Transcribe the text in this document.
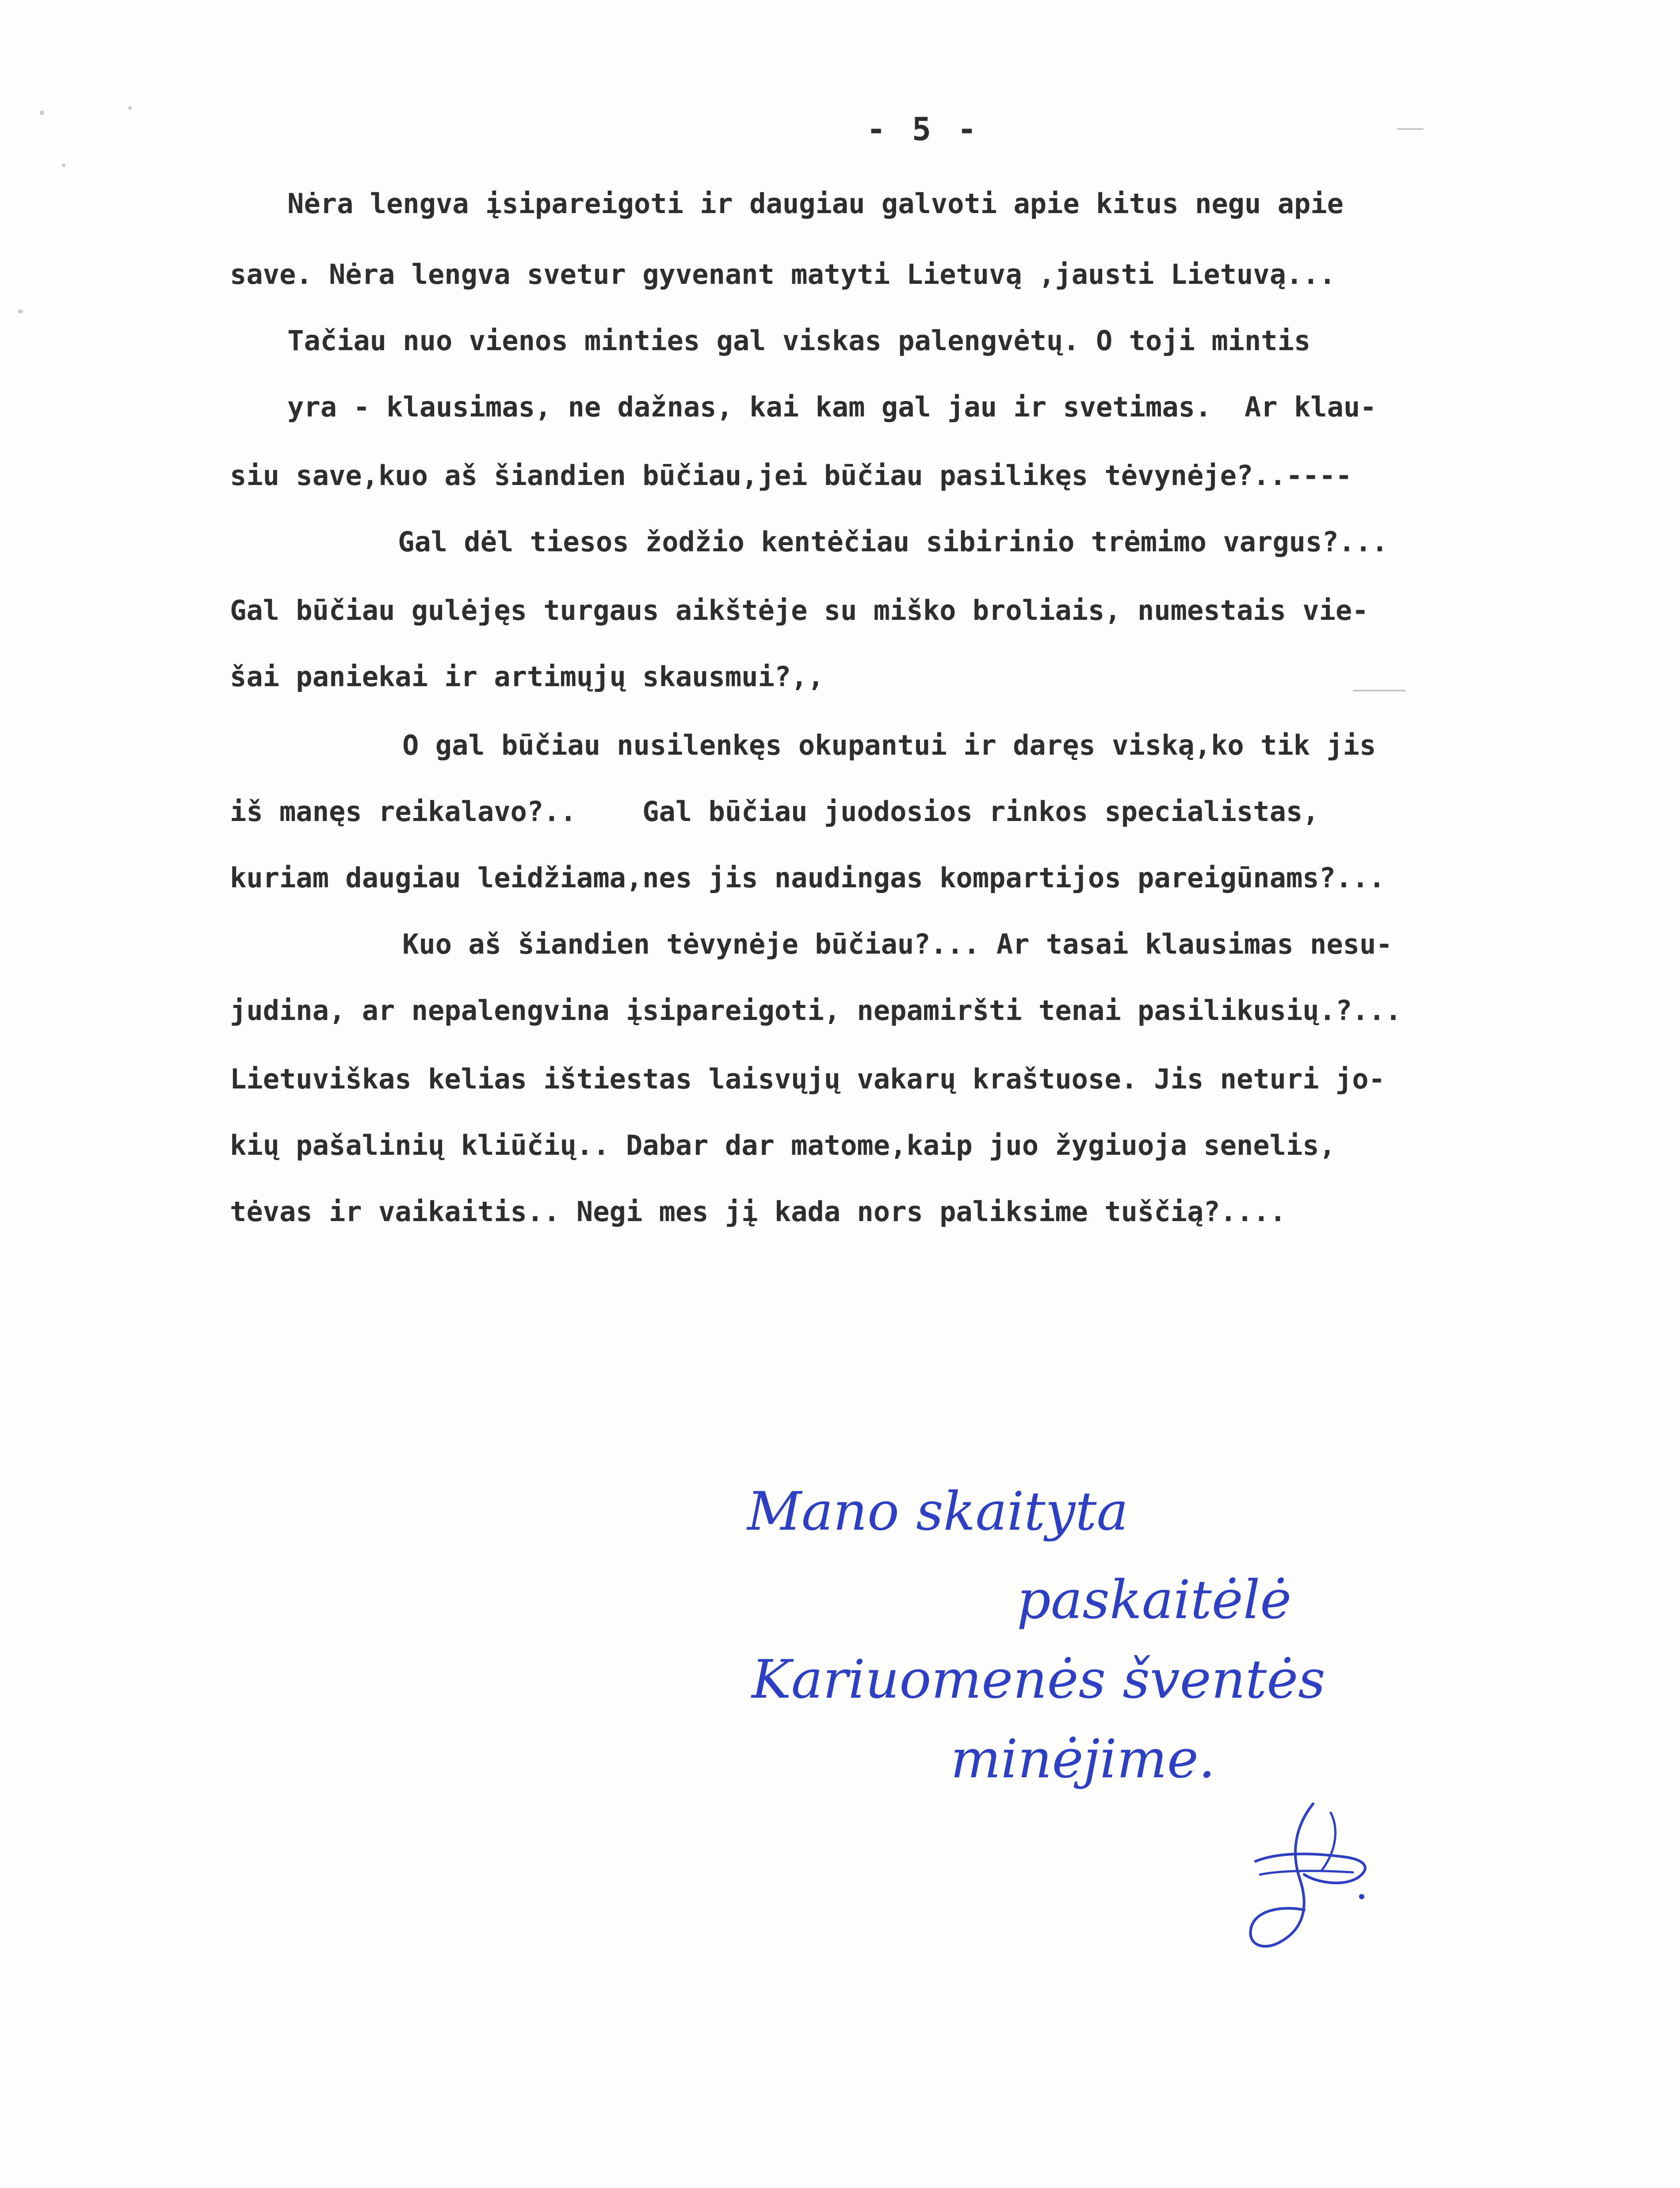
- 5 -
Nėra lengva įsipareigoti ir daugiau galvoti apie kitus negu apie
save. Nėra lengva svetur gyvenant matyti Lietuvą ,jausti Lietuvą...
Tačiau nuo vienos minties gal viskas palengvėtų. O toji mintis
yra - klausimas, ne dažnas, kai kam gal jau ir svetimas.  Ar klau-
siu save,kuo aš šiandien būčiau,jei būčiau pasilikęs tėvynėje?..----
Gal dėl tiesos žodžio kentėčiau sibirinio trėmimo vargus?...
Gal būčiau gulėjęs turgaus aikštėje su miško broliais, numestais vie-
šai paniekai ir artimųjų skausmui?,,
O gal būčiau nusilenkęs okupantui ir daręs viską,ko tik jis
iš manęs reikalavo?..    Gal būčiau juodosios rinkos specialistas,
kuriam daugiau leidžiama,nes jis naudingas kompartijos pareigūnams?...
Kuo aš šiandien tėvynėje būčiau?... Ar tasai klausimas nesu-
judina, ar nepalengvina įsipareigoti, nepamiršti tenai pasilikusių.?...
Lietuviškas kelias ištiestas laisvųjų vakarų kraštuose. Jis neturi jo-
kių pašalinių kliūčių.. Dabar dar matome,kaip juo žygiuoja senelis,
tėvas ir vaikaitis.. Negi mes jį kada nors paliksime tuščią?....
Mano skaityta
paskaitėlė
Kariuomenės šventės
minėjime.
